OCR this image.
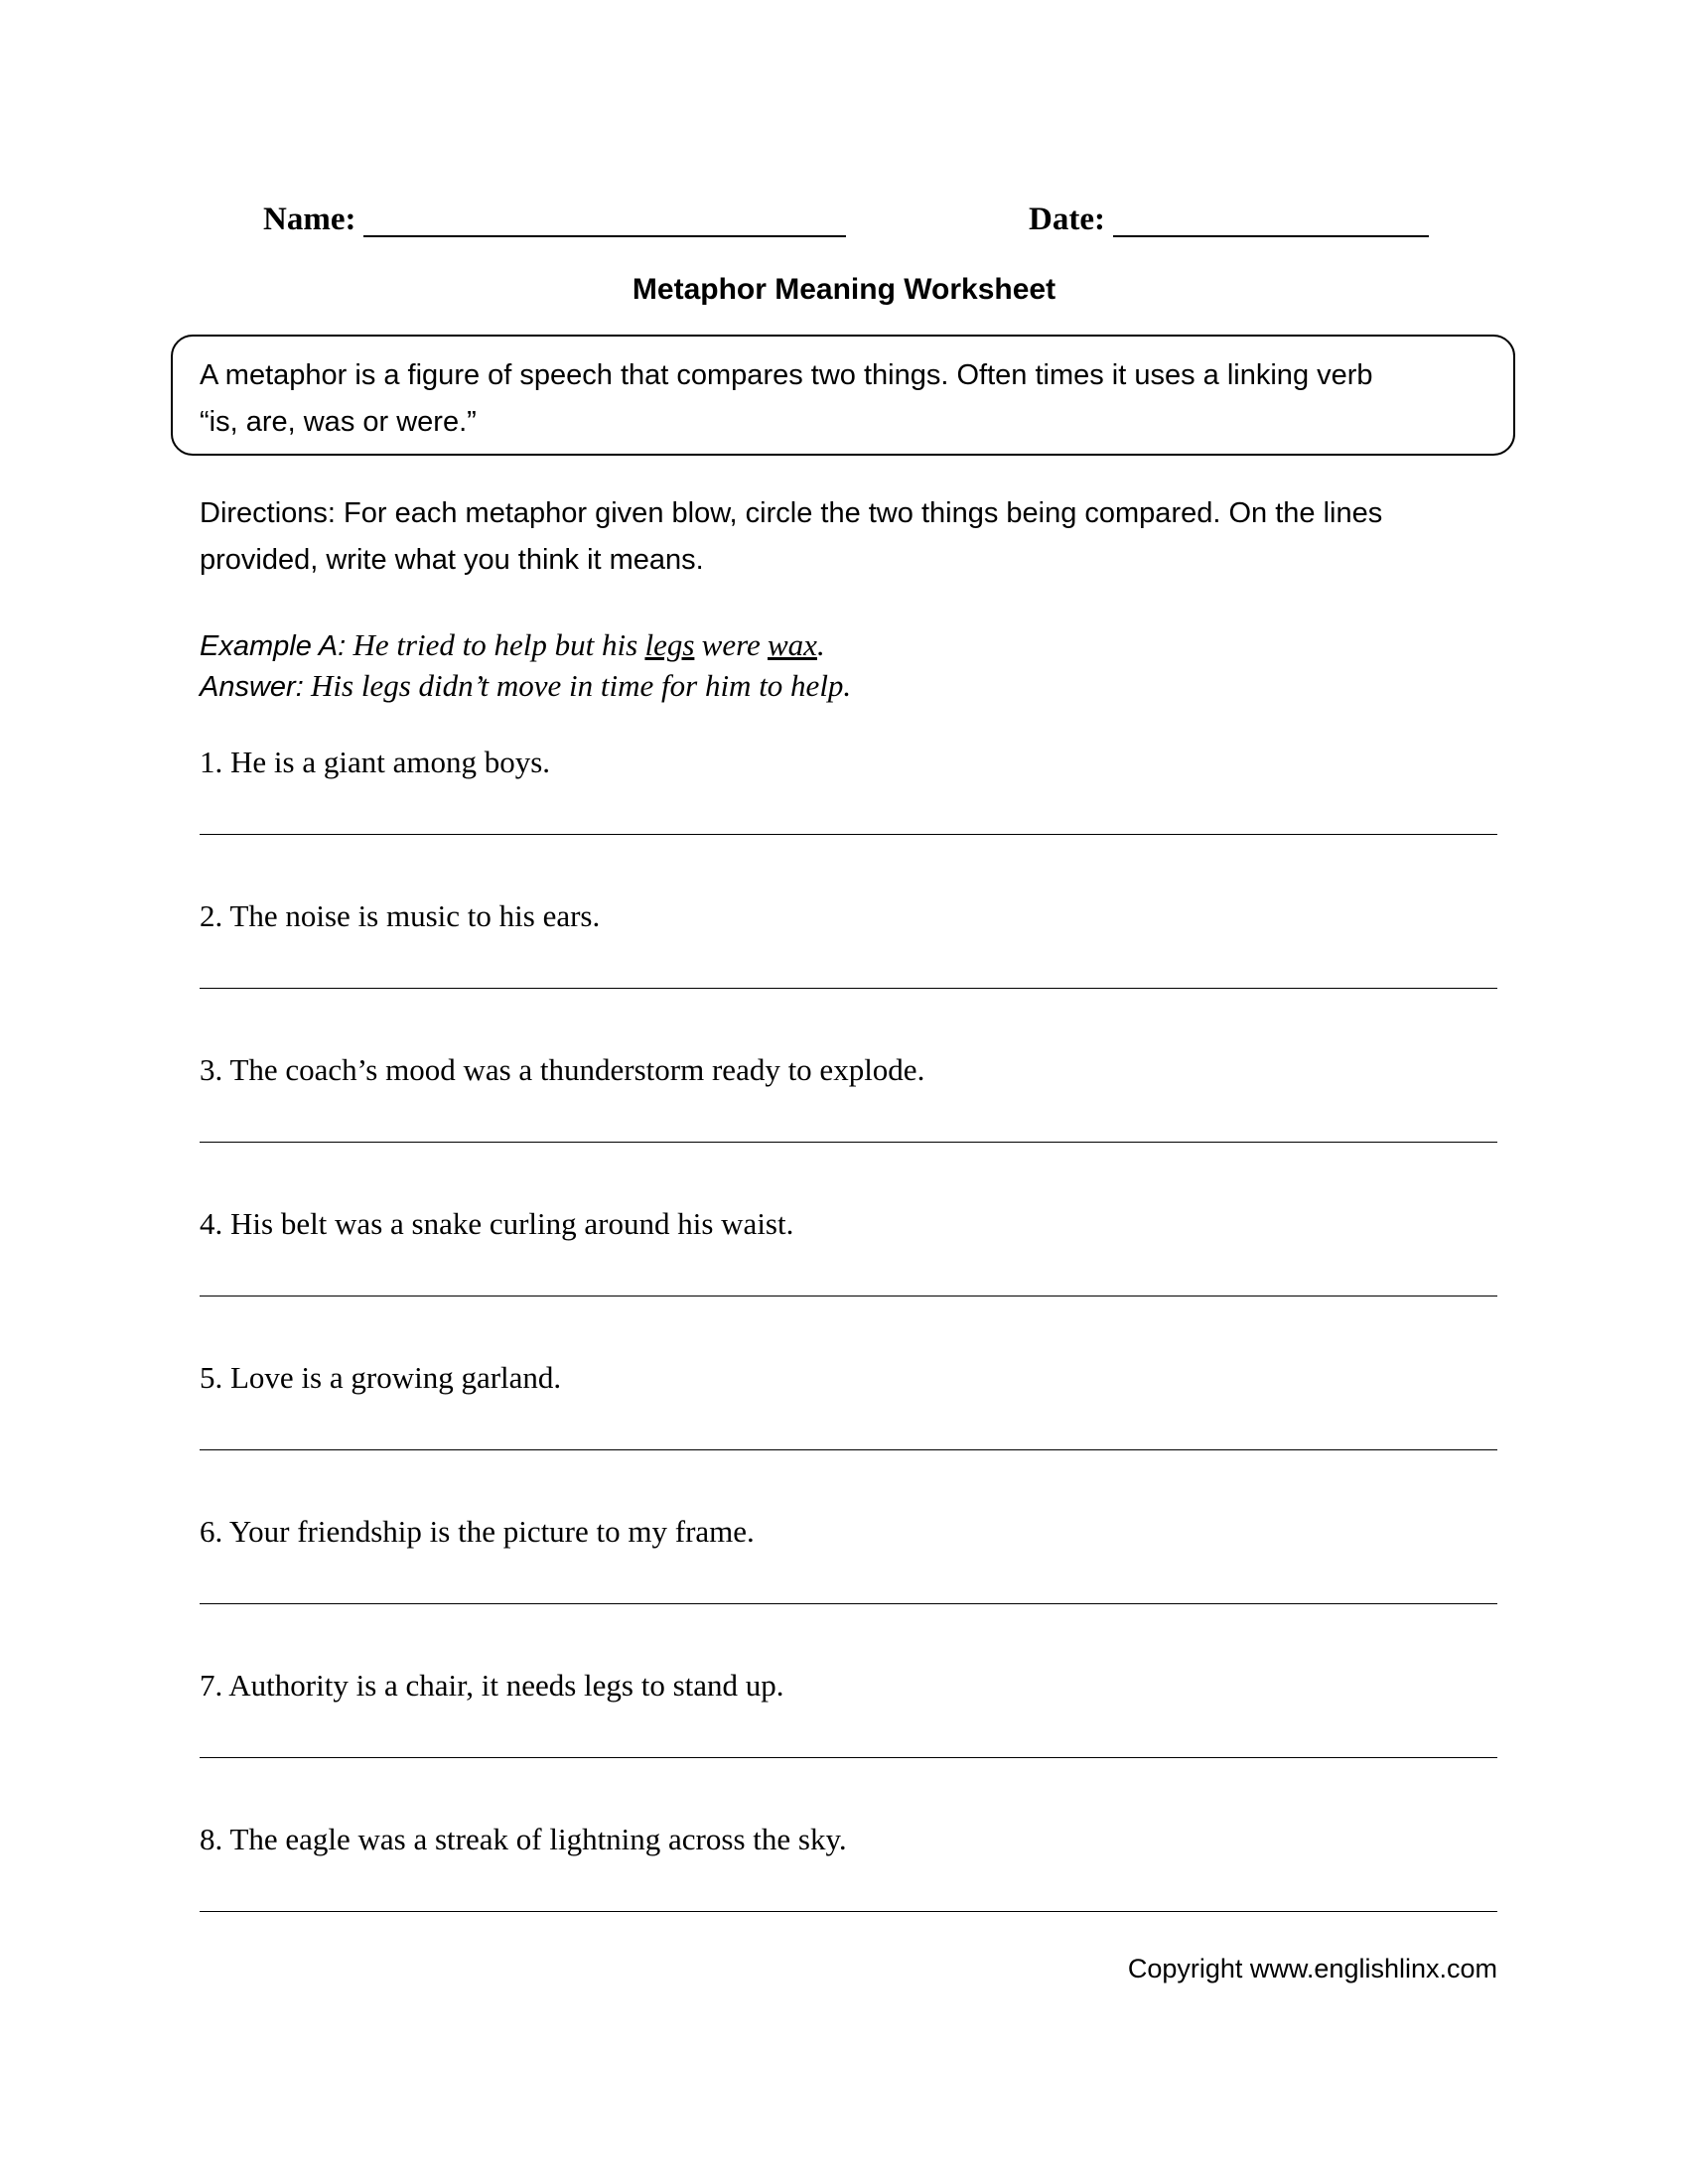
Name:	Date:
Metaphor Meaning Worksheet
A metaphor is a figure of speech that compares two things. Often times it uses a linking verb
“is, are, was or were.”
Directions: For each metaphor given blow, circle the two things being compared. On the lines
provided, write what you think it means.
Example A: He tried to help but his legs were wax.
Answer: His legs didn’t move in time for him to help.
1. He is a giant among boys.
2. The noise is music to his ears.
3. The coach’s mood was a thunderstorm ready to explode.
4. His belt was a snake curling around his waist.
5. Love is a growing garland.
6. Your friendship is the picture to my frame.
7. Authority is a chair, it needs legs to stand up.
8. The eagle was a streak of lightning across the sky.
Copyright www.englishlinx.com
